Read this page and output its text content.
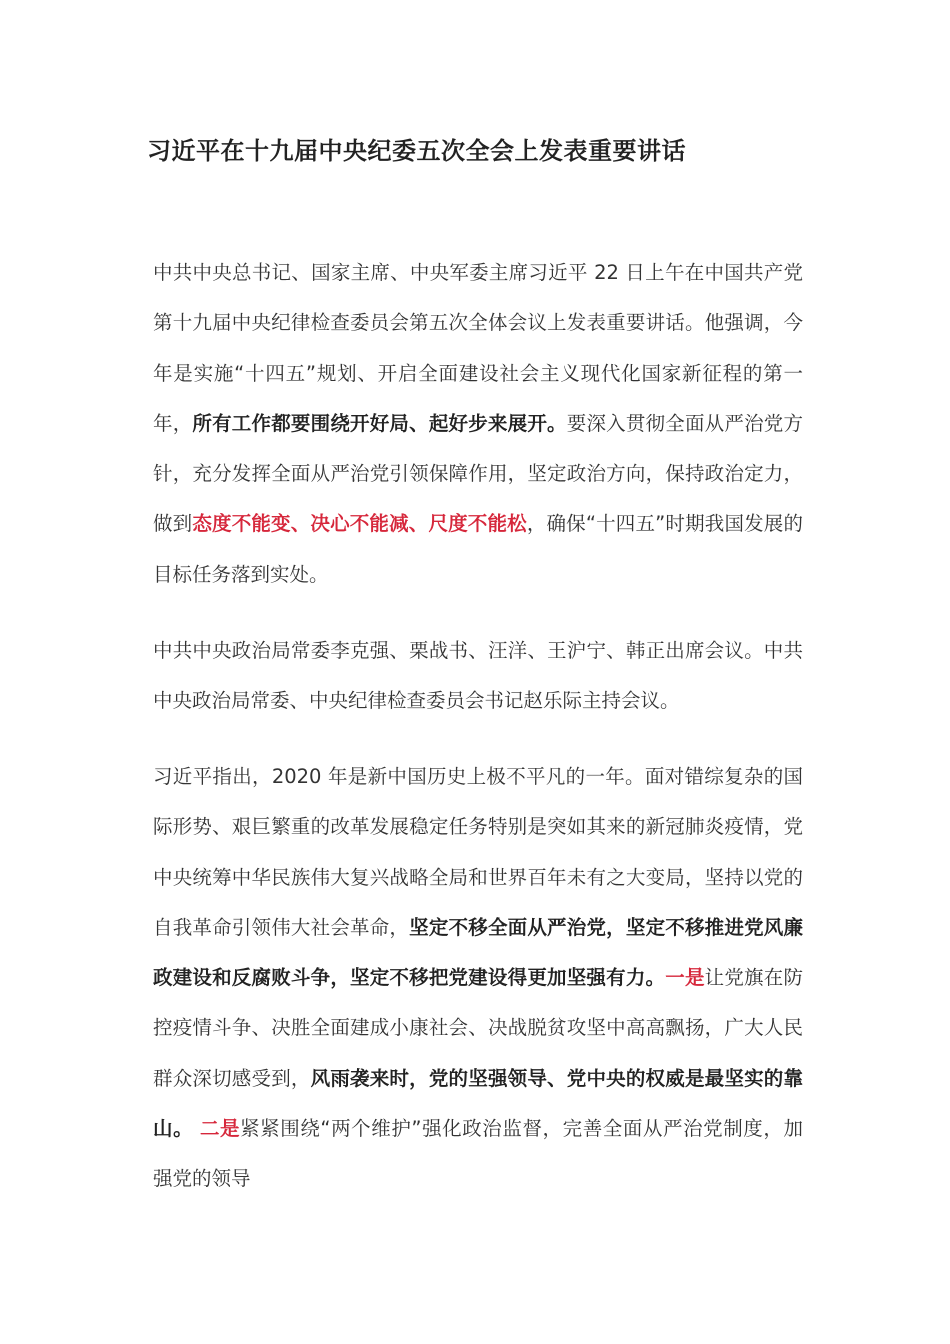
习近平在十九届中央纪委五次全会上发表重要讲话

中共中央总书记、国家主席、中央军委主席习近平 22 日上午在中国共产党第十九届中央纪律检查委员会第五次全体会议上发表重要讲话。他强调，今年是实施“十四五”规划、开启全面建设社会主义现代化国家新征程的第一年，所有工作都要围绕开好局、起好步来展开。要深入贯彻全面从严治党方针，充分发挥全面从严治党引领保障作用，坚定政治方向，保持政治定力，做到态度不能变、决心不能减、尺度不能松，确保“十四五”时期我国发展的目标任务落到实处。

中共中央政治局常委李克强、栗战书、汪洋、王沪宁、韩正出席会议。中共中央政治局常委、中央纪律检查委员会书记赵乐际主持会议。

习近平指出，2020 年是新中国历史上极不平凡的一年。面对错综复杂的国际形势、艰巨繁重的改革发展稳定任务特别是突如其来的新冠肺炎疫情，党中央统筹中华民族伟大复兴战略全局和世界百年未有之大变局，坚持以党的自我革命引领伟大社会革命，坚定不移全面从严治党，坚定不移推进党风廉政建设和反腐败斗争，坚定不移把党建设得更加坚强有力。一是让党旗在防控疫情斗争、决胜全面建成小康社会、决战脱贫攻坚中高高飘扬，广大人民群众深切感受到，风雨袭来时，党的坚强领导、党中央的权威是最坚实的靠山。 二是紧紧围绕“两个维护”强化政治监督，完善全面从严治党制度，加强党的领导
